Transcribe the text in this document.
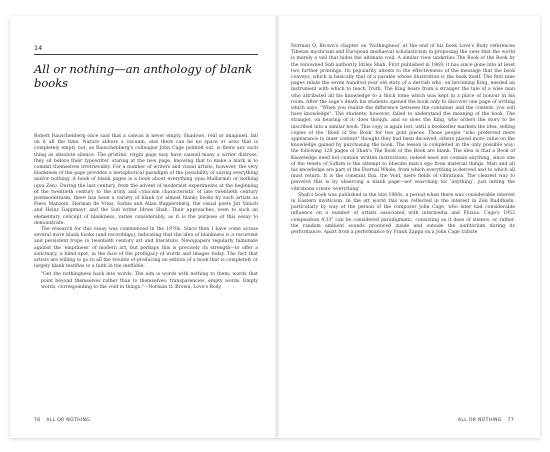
14
All or nothing—an anthology of blank books

Robert Rauschenberg once said that a canvas is never empty. Shadows, real or imagined, fall on it all the time. Nature abhors a vacuum, and there can be no space or area that is completely empty not, as Rauschenberg's colleague John Cage pointed out, is there any such thing as absolute silence. The pristine, virgin page may have caused many a writer distress; they sit before their typewriter, staring at the new page, knowing that to make a mark is to commit themselves irretrievably. For a number of writers and visual artists, however, the very blankness of the page provides a metaphorical paradigm of the possibility of saying everything and/or nothing. A book of blank pages is a book about everything (qua Mallarmé) or nothing (qua Zen). During the last century, from the advent of modernist experiments at the beginning of the twentieth century to the irony and cynicism characteristic of late twentieth century postmodernism, there has been a variety of blank (or almost blank) books by such artists as Piero Manzoni, Herman de Vries, Sarkis and Allan Ruppersberg, the visual poets Jiri Valoch and Heinz Gappmayr, and the Sufi writer Idries Shah. Their approaches, even to such an elementary concept of blankness, varies considerably, as it is the purpose of this essay to demonstrate.

The research for this essay was commenced in the 1970s. Since then I have come across several more blank books (and recordings), indicating that the idea of blankness is a recurrent and persistent trope in twentieth century art and literature. Newspapers regularly fulminate against the 'emptiness' of modern art, but perhaps this is precisely its strength—to offer a sanctuary, a blind spot, in the face of the profligacy of words and images today. The fact that artists are willing to go to all the trouble of producing an edition of a book that is completely or largely blank testifies to a faith in the ineffable.

"Get the nothingness back into words. The aim is words with nothing to them: words that point beyond themselves rather than to themselves; transparencies, empty words. Empty words, corresponding to the void in things."—Norman O. Brown, Love's Body

76 ALL OR NOTHING

Norman O. Brown's chapter on 'Nothingness' at the end of his book Love's Body references Tibetan mysticism and European mediaeval scholasticism in proposing the view that the world is merely a veil that hides the ultimate void. A similar view underlies The Book of the Book by the renowned Sufi authority Idries Shah. First published in 1969, it has since gone into at least two further printings. Its popularity attests to the effectiveness of the message that the book conveys, which is basically that of a parable whose illustration is the book itself. The first nine pages relate the seven hundred year old story of a dervish who, on becoming King, needed an instrument with which to teach Truth. The King bears from a stranger the tale of a wise man who attributed all his knowledge to a thick tome which was kept in a place of honour in his room. After the sage's death his students opened the book only to discover one page of writing which says, "When you realise the difference between the container and the content, you will have knowledge". The students, however, failed to understand the meaning of the book. The stranger, on hearing of it, does though, and so does the King, who orders the story to be inscribed into a similar book. This copy is again lost, until a bookseller markets the idea, selling copies of the 'Book of the Book' for two gold pieces. Those people "who preferred mere appearance to inner content" thought they had been deceived; others placed more value on the knowledge gained by purchasing the book. The lesson is completed in the only possible way: the following 128 pages of Shah's The Book of the Book are blank. The idea is that a Book of Knowledge need not contain written instructions, indeed need not contain anything, since one of the tenets of Sufism is the attempt to liberate man's ego from material things. Man and all his knowledge are part of the Eternal Whole, from which everything is derived and to which all must return. It is the constant flux, the Void, mere fields of vibrations. The clearest way to perceive this is by observing a blank page—not searching for 'anything', just letting the vibrations create 'everything'.

Shah's book was published in the late 1960s, a period when there was considerable interest in Eastern mysticism. In the art world this was reflected in the interest in Zen Buddhism, particularly by way of the person of the composer John Cage, who later had considerable influence on a number of artists associated with intermedia and Fluxus. Cage's 1952 composition 4'33" can be considered paradigmatic, consisting as it does of silence, or rather, the random ambient sounds produced inside and outside the auditorium during its performance. Apart from a performance by Frank Zappa on a John Cage tribute

ALL OR NOTHING 77
